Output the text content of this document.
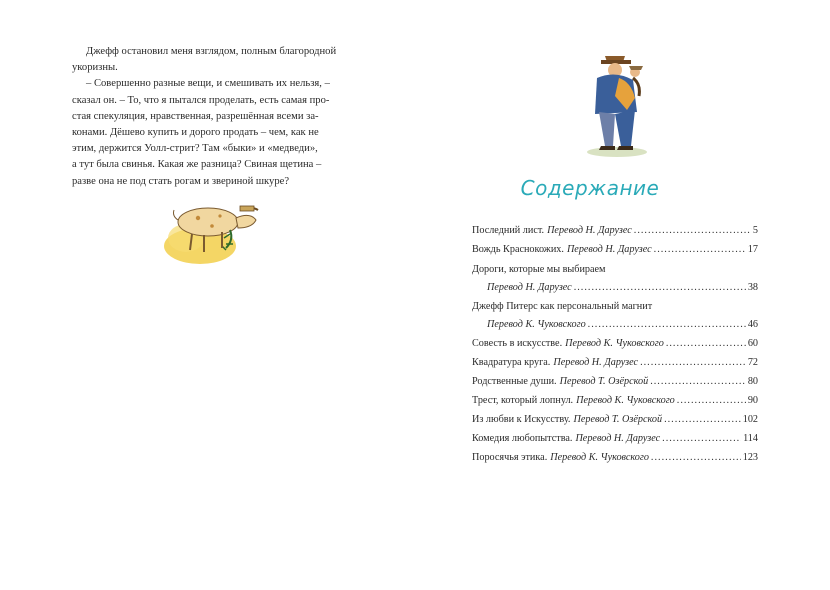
Джефф остановил меня взглядом, полным благородной

укоризны.

– Совершенно разные вещи, и смешивать их нельзя, –

сказал он. – То, что я пытался проделать, есть самая про-

стая спекуляция, нравственная, разрешённая всеми за-

конами. Дёшево купить и дорого продать – чем, как не

этим, держится Уолл-стрит? Там «быки» и «медведи»,

а тут была свинья. Какая же разница? Свиная щетина –

разве она не под стать рогам и звериной шкуре?	Содержание
Последний лист. Перевод Н. Дарузес .....	5
Вождь Краснокожих. Перевод Н. Дарузес .....	17
Дороги, которые мы выбираем
Перевод Н. Дарузес .....	38
Джефф Питерс как персональный магнит
Перевод К. Чуковского .....	46
Совесть в искусстве. Перевод К. Чуковского .....	60
Квадратура круга. Перевод Н. Дарузес .....	72
Родственные души. Перевод Т. Озёрской .....	80
Трест, который лопнул. Перевод К. Чуковского .....	90
Из любви к Искусству. Перевод Т. Озёрской .....	102
Комедия любопытства. Перевод Н. Дарузес .....	114
Поросячья этика. Перевод К. Чуковского .....	123
